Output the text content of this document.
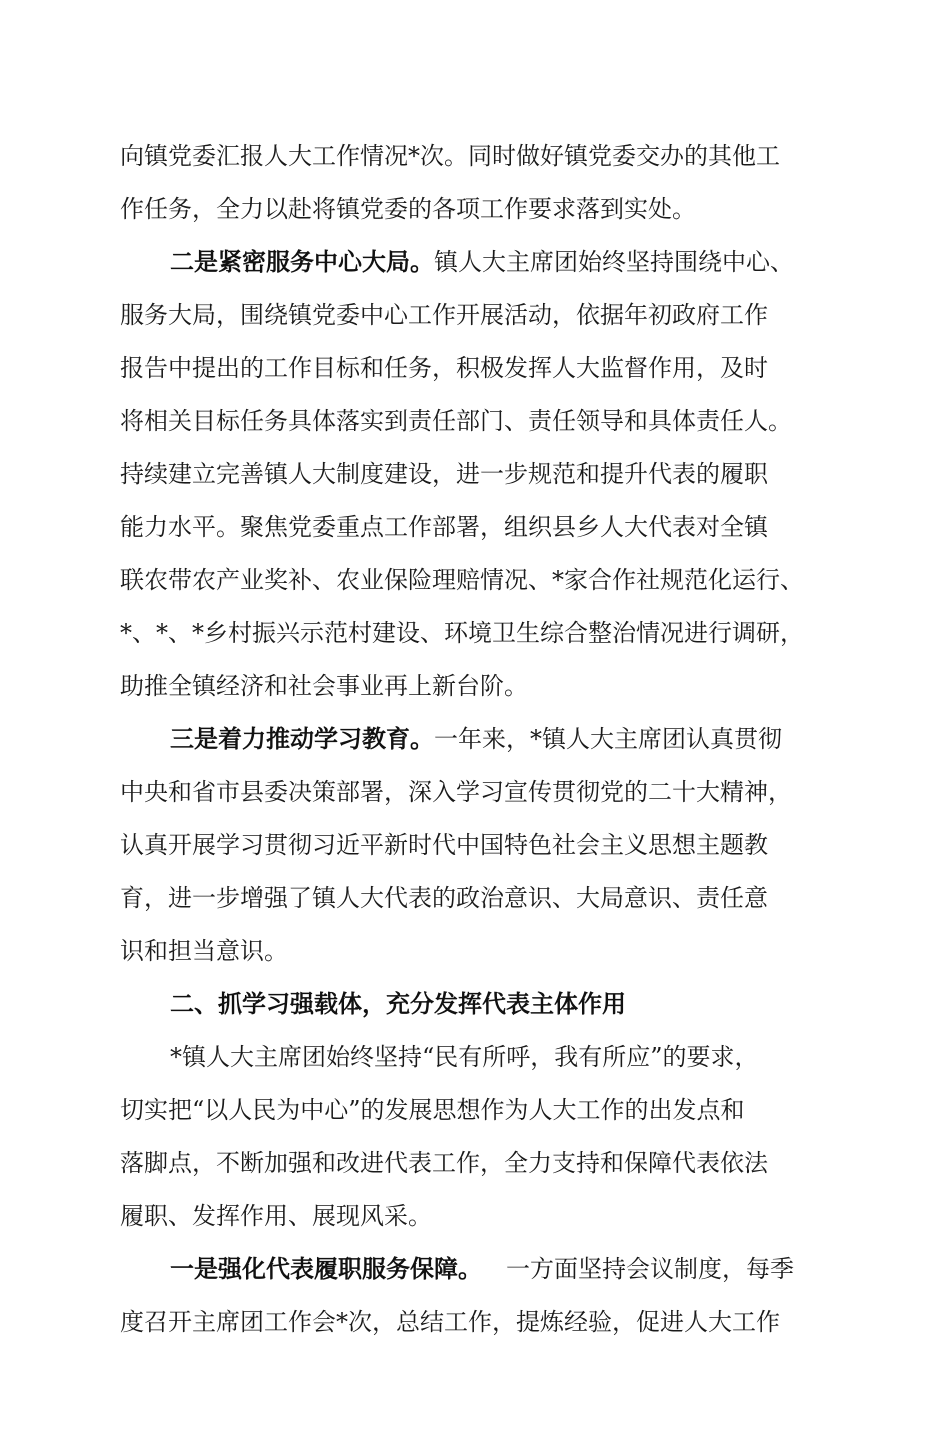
向镇党委汇报人大工作情况*次。同时做好镇党委交办的其他工

作任务，全力以赴将镇党委的各项工作要求落到实处。

二是紧密服务中心大局。

镇人大主席团始终坚持围绕中心、

服务大局，围绕镇党委中心工作开展活动，依据年初政府工作

报告中提出的工作目标和任务，积极发挥人大监督作用，及时

将相关目标任务具体落实到责任部门、责任领导和具体责任人。

持续建立完善镇人大制度建设，进一步规范和提升代表的履职

能力水平。聚焦党委重点工作部署，组织县乡人大代表对全镇

联农带农产业奖补、农业保险理赔情况、*家合作社规范化运行、

*、*、*乡村振兴示范村建设、环境卫生综合整治情况进行调研，

助推全镇经济和社会事业再上新台阶。

三是着力推动学习教育。

一年来，*镇人大主席团认真贯彻

中央和省市县委决策部署，深入学习宣传贯彻党的二十大精神，

认真开展学习贯彻习近平新时代中国特色社会主义思想主题教

育，进一步增强了镇人大代表的政治意识、大局意识、责任意

识和担当意识。

二、抓学习强载体，充分发挥代表主体作用

*镇人大主席团始终坚持“民有所呼，我有所应”的要求，

切实把“以人民为中心”的发展思想作为人大工作的出发点和

落脚点，不断加强和改进代表工作，全力支持和保障代表依法

履职、发挥作用、展现风采。

一是强化代表履职服务保障。

一方面坚持会议制度，每季

度召开主席团工作会*次，总结工作，提炼经验，促进人大工作
